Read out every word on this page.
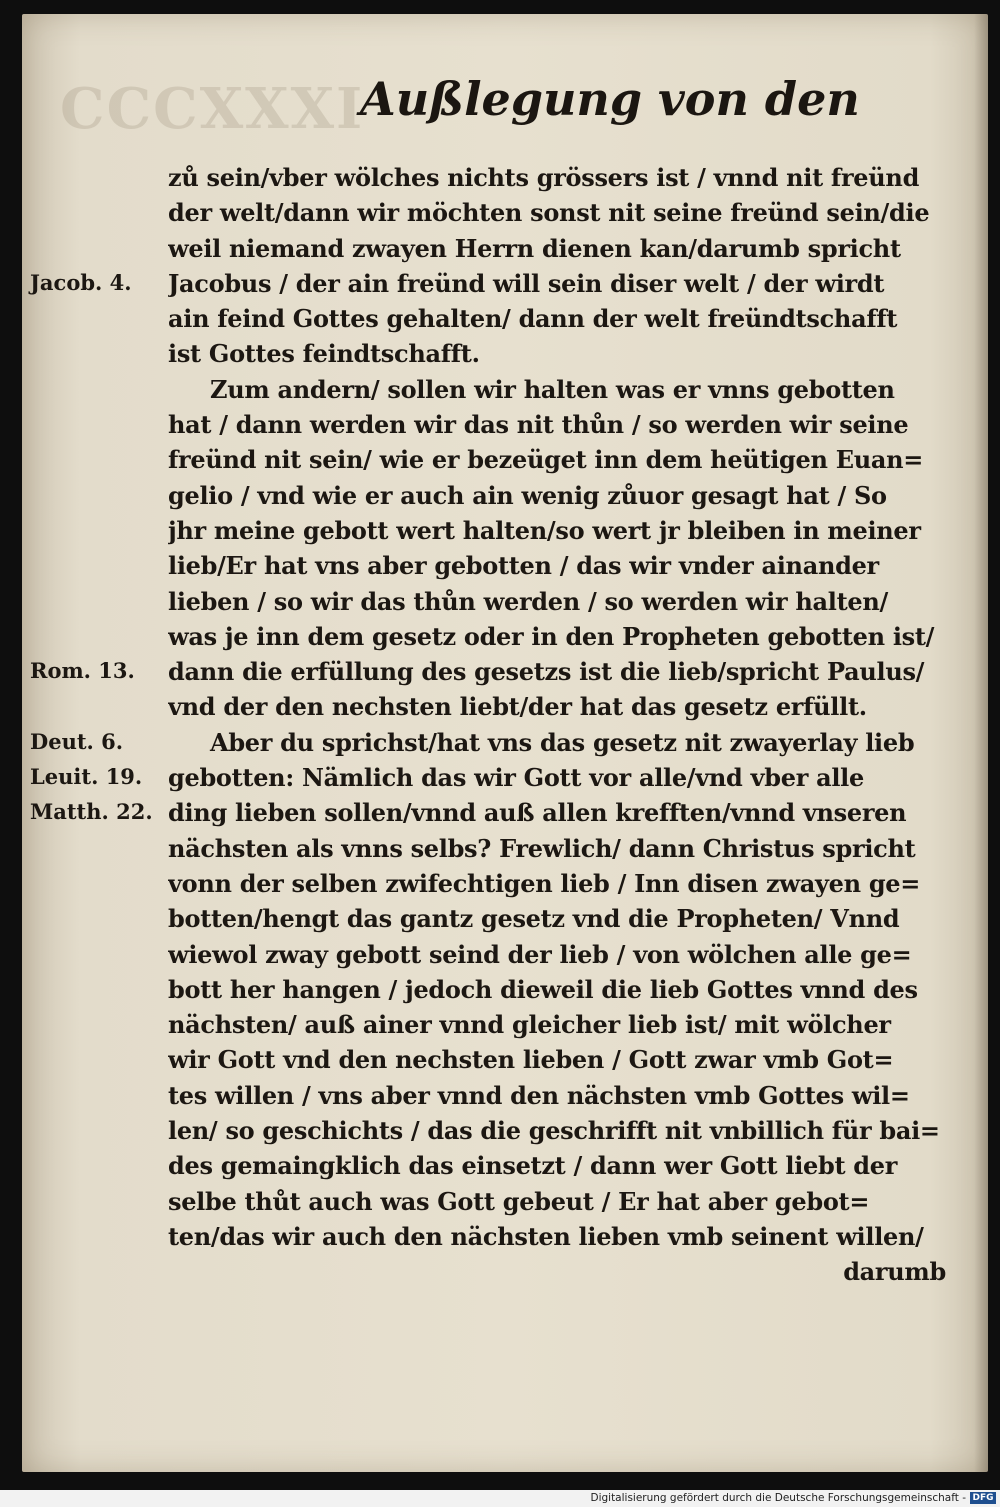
CCCXXXI
Außlegung von den
zů sein/vber wölches nichts grössers ist / vnnd nit freünd
der welt/dann wir möchten sonst nit seine freünd sein/die
weil niemand zwayen Herrn dienen kan/darumb spricht
Jacobus / der ain freünd will sein diser welt / der wirdt
ain feind Gottes gehalten/ dann der welt freündtschafft
ist Gottes feindtschafft.
Zum andern/ sollen wir halten was er vnns gebotten
hat / dann werden wir das nit thůn / so werden wir seine
freünd nit sein/ wie er bezeüget inn dem heütigen Euan=
gelio / vnd wie er auch ain wenig zůuor gesagt hat / So
jhr meine gebott wert halten/so wert jr bleiben in meiner
lieb/Er hat vns aber gebotten / das wir vnder ainander
lieben / so wir das thůn werden / so werden wir halten/
was je inn dem gesetz oder in den Propheten gebotten ist/
dann die erfüllung des gesetzs ist die lieb/spricht Paulus/
vnd der den nechsten liebt/der hat das gesetz erfüllt.
Aber du sprichst/hat vns das gesetz nit zwayerlay lieb
gebotten: Nämlich das wir Gott vor alle/vnd vber alle
ding lieben sollen/vnnd auß allen krefften/vnnd vnseren
nächsten als vnns selbs? Frewlich/ dann Christus spricht
vonn der selben zwifechtigen lieb / Inn disen zwayen ge=
botten/hengt das gantz gesetz vnd die Propheten/ Vnnd
wiewol zway gebott seind der lieb / von wölchen alle ge=
bott her hangen / jedoch dieweil die lieb Gottes vnnd des
nächsten/ auß ainer vnnd gleicher lieb ist/ mit wölcher
wir Gott vnd den nechsten lieben / Gott zwar vmb Got=
tes willen / vns aber vnnd den nächsten vmb Gottes wil=
len/ so geschichts / das die geschrifft nit vnbillich für bai=
des gemaingklich das einsetzt / dann wer Gott liebt der
selbe thůt auch was Gott gebeut / Er hat aber gebot=
ten/das wir auch den nächsten lieben vmb seinent willen/
darumb
Jacob. 4.
Rom. 13.
Deut. 6.
Leuit. 19.
Matth. 22.
Digitalisierung gefördert durch die Deutsche Forschungsgemeinschaft - DFG
